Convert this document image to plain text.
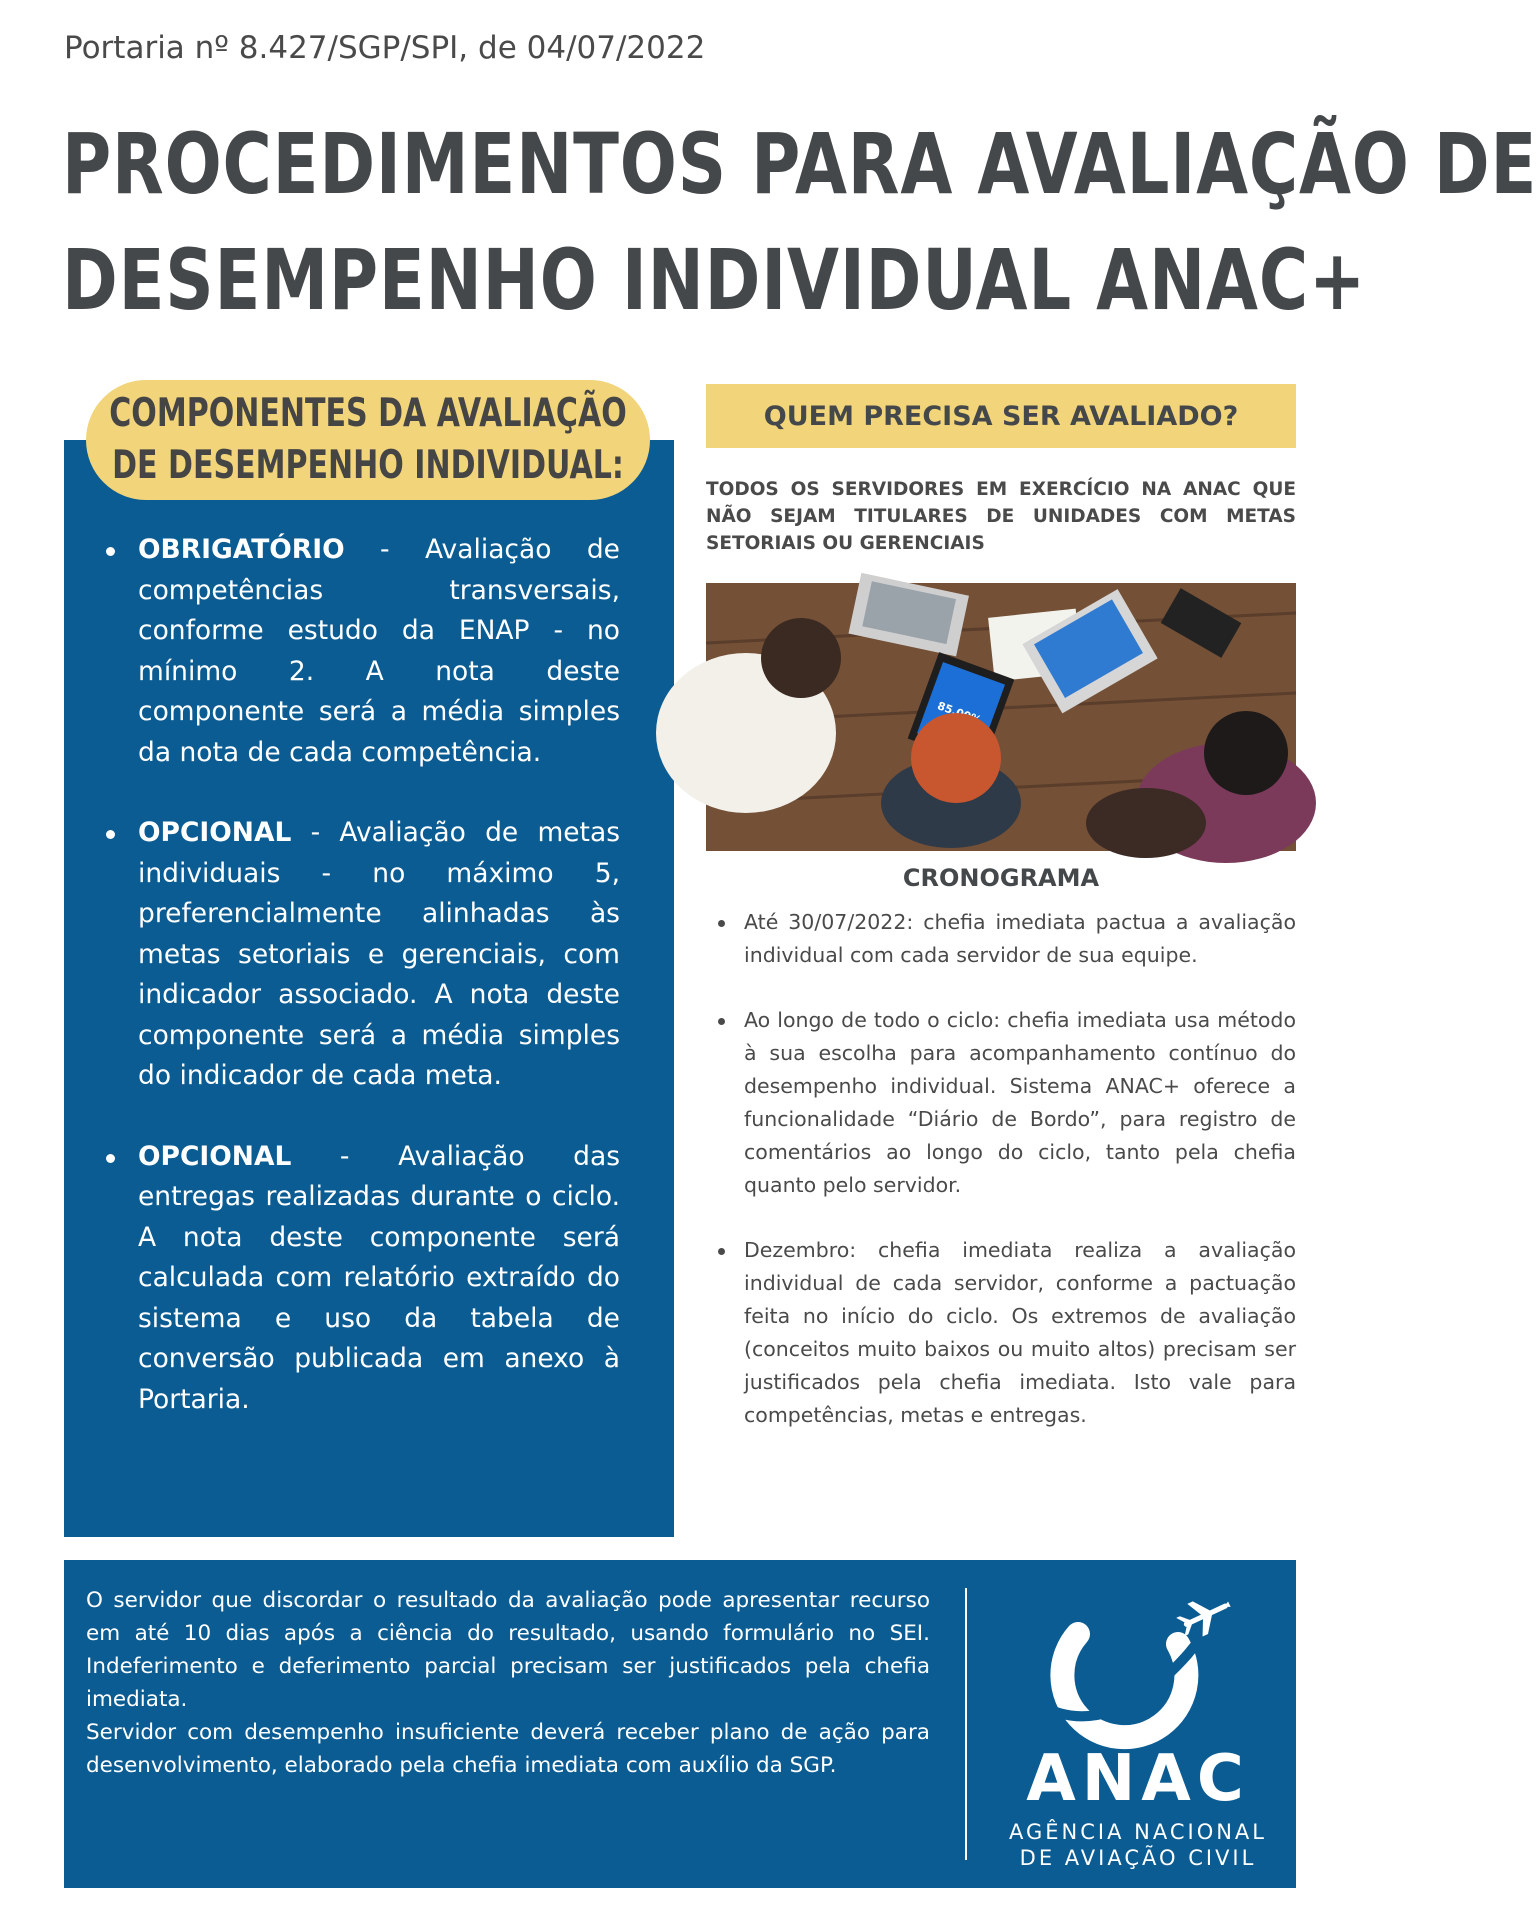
Portaria nº 8.427/SGP/SPI, de 04/07/2022
PROCEDIMENTOS PARA AVALIAÇÃO DE
DESEMPENHO INDIVIDUAL ANAC+
COMPONENTES DA AVALIAÇÃO DE DESEMPENHO INDIVIDUAL:
OBRIGATÓRIO - Avaliação de competências transversais, conforme estudo da ENAP - no mínimo 2. A nota deste componente será a média simples da nota de cada competência.
OPCIONAL - Avaliação de metas individuais - no máximo 5, preferencialmente alinhadas às metas setoriais e gerenciais, com indicador associado. A nota deste componente será a média simples do indicador de cada meta.
OPCIONAL - Avaliação das entregas realizadas durante o ciclo. A nota deste componente será calculada com relatório extraído do sistema e uso da tabela de conversão publicada em anexo à Portaria.
QUEM PRECISA SER AVALIADO?

TODOS OS SERVIDORES EM EXERCÍCIO NA ANAC QUE NÃO SEJAM TITULARES DE UNIDADES COM METAS SETORIAIS OU GERENCIAIS

CRONOGRAMA
Até 30/07/2022: chefia imediata pactua a avaliação individual com cada servidor de sua equipe.
Ao longo de todo o ciclo: chefia imediata usa método à sua escolha para acompanhamento contínuo do desempenho individual. Sistema ANAC+ oferece a funcionalidade “Diário de Bordo”, para registro de comentários ao longo do ciclo, tanto pela chefia quanto pelo servidor.
Dezembro: chefia imediata realiza a avaliação individual de cada servidor, conforme a pactuação feita no início do ciclo. Os extremos de avaliação (conceitos muito baixos ou muito altos) precisam ser justificados pela chefia imediata. Isto vale para competências, metas e entregas.

O servidor que discordar o resultado da avaliação pode apresentar recurso em até 10 dias após a ciência do resultado, usando formulário no SEI. Indeferimento e deferimento parcial precisam ser justificados pela chefia imediata.

Servidor com desempenho insuficiente deverá receber plano de ação para desenvolvimento, elaborado pela chefia imediata com auxílio da SGP.	ANAC
AGÊNCIA NACIONAL
DE AVIAÇÃO CIVIL
